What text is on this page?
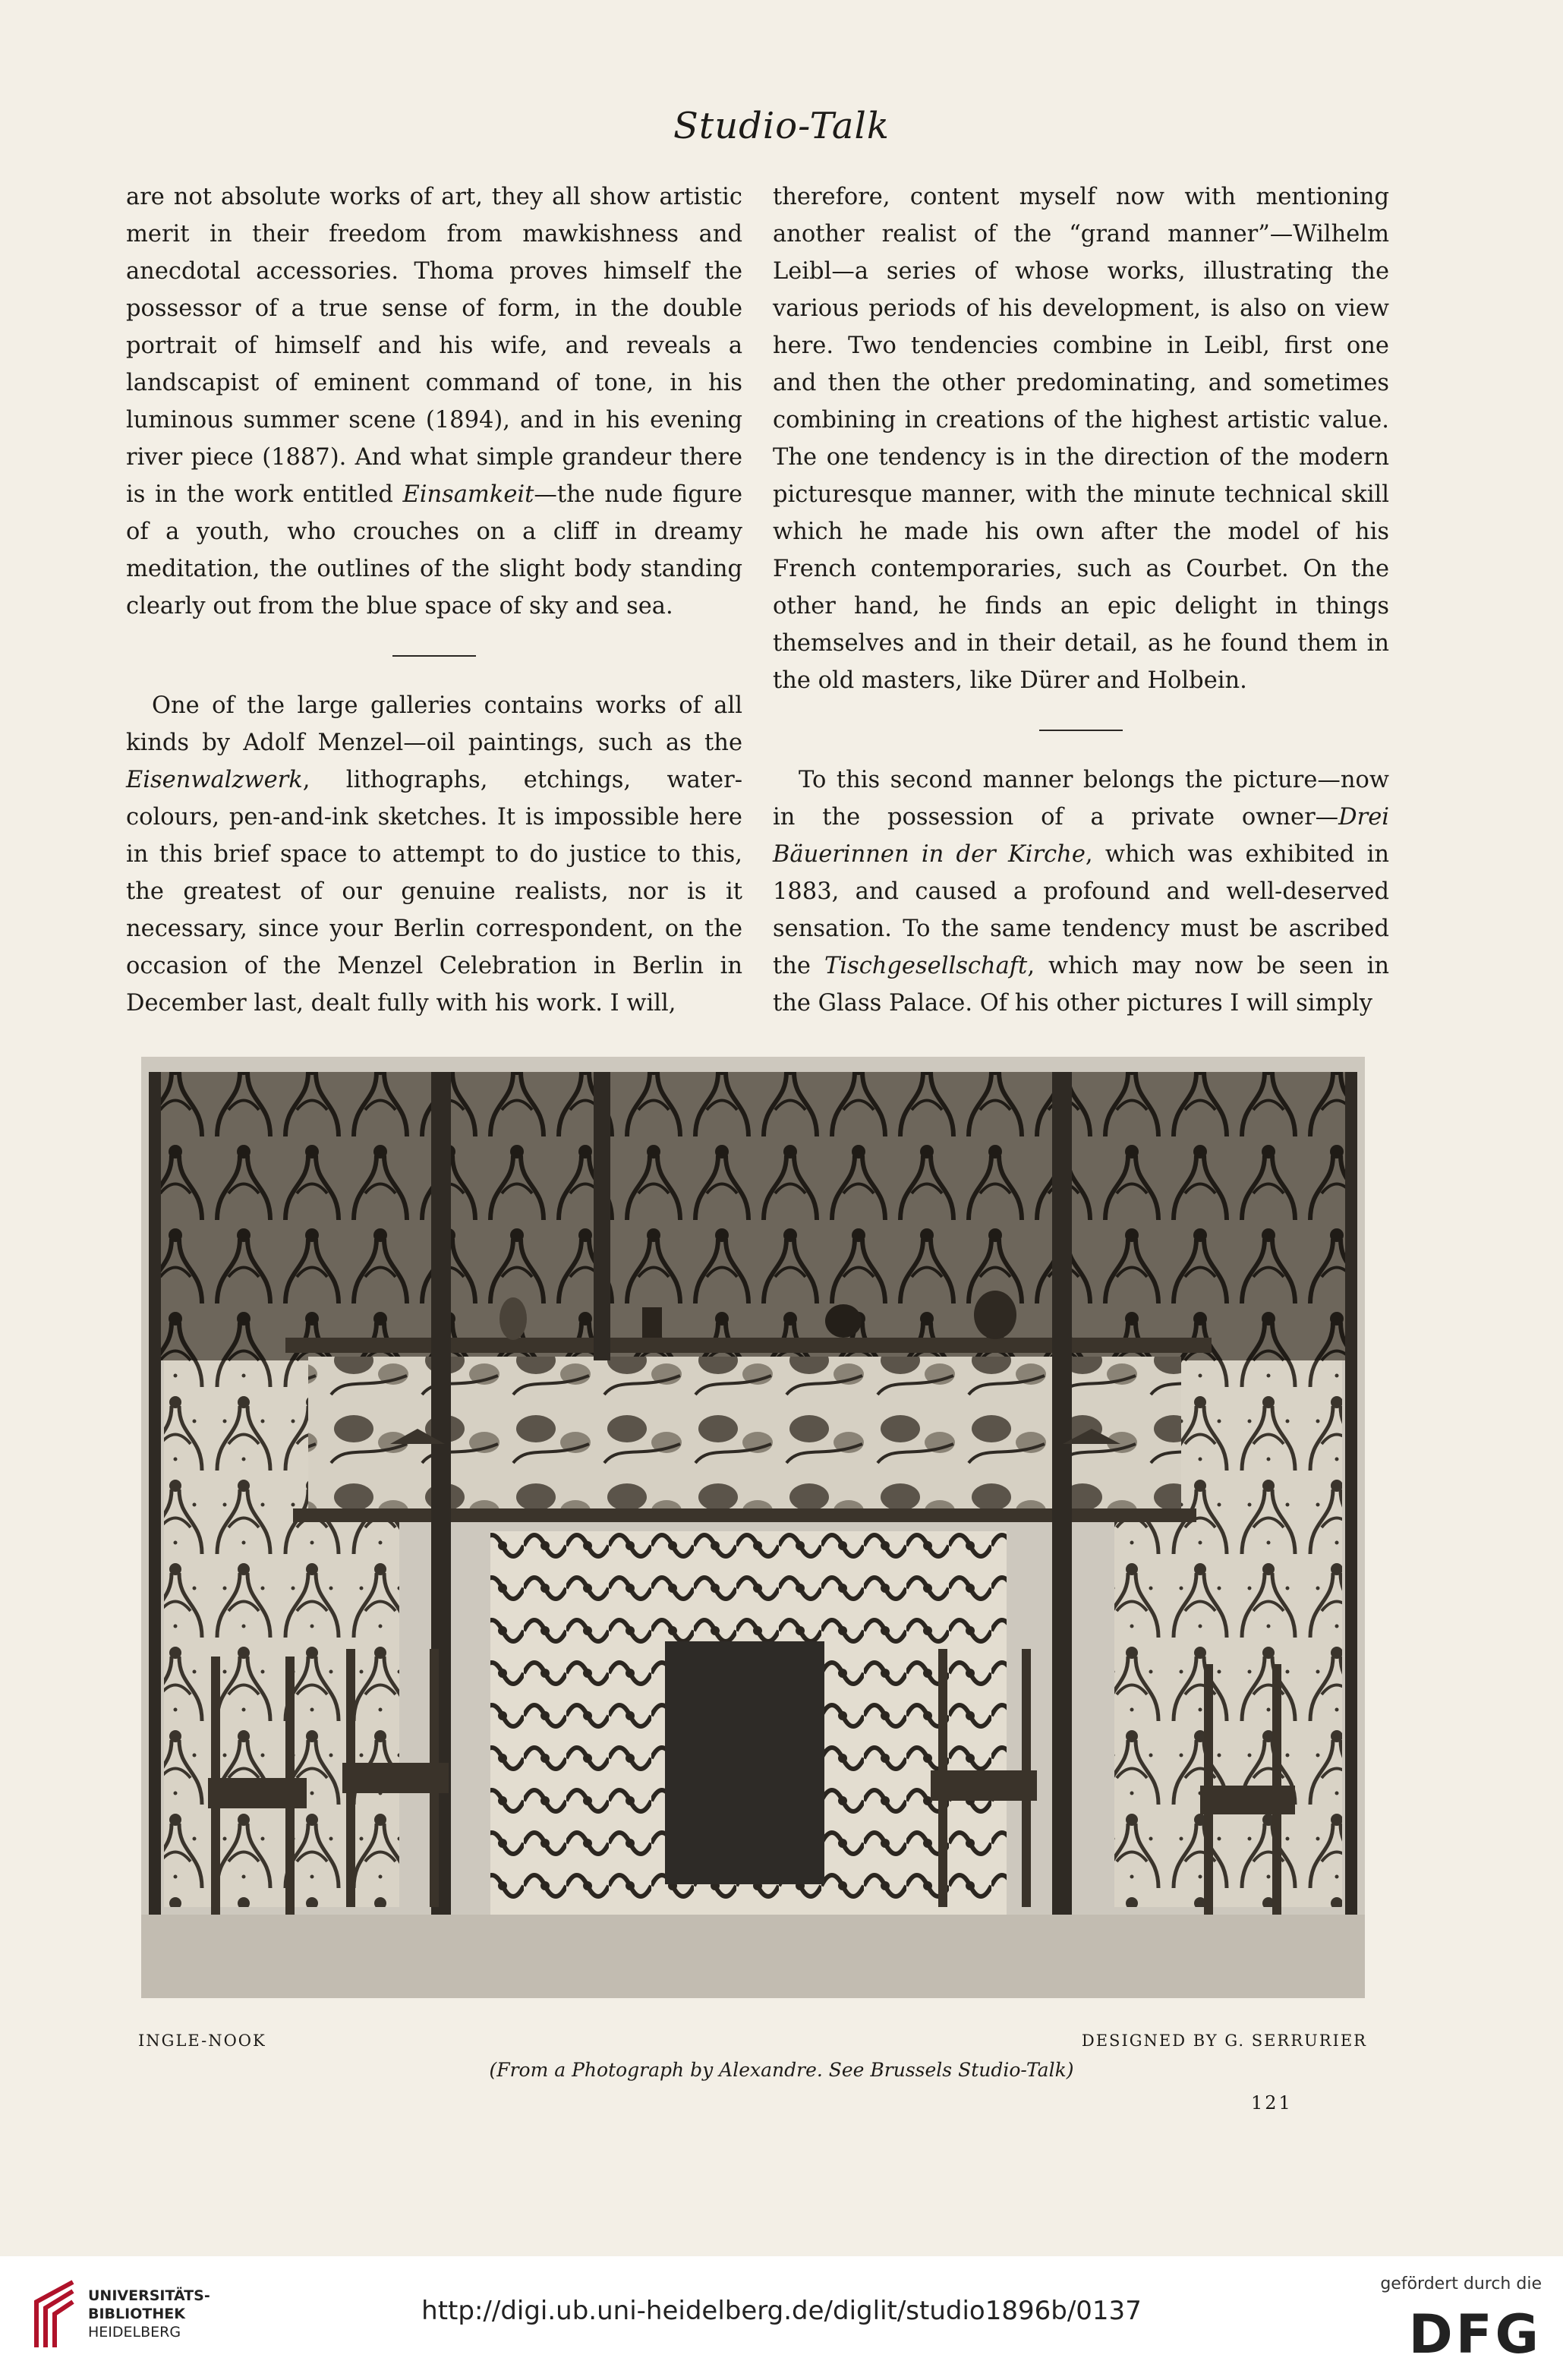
Studio-Talk

are not absolute works of art, they all show artistic merit in their freedom from mawkishness and anecdotal accessories. Thoma proves himself the possessor of a true sense of form, in the double portrait of himself and his wife, and reveals a landscapist of eminent command of tone, in his luminous summer scene (1894), and in his evening river piece (1887). And what simple grandeur there is in the work entitled Einsamkeit—the nude figure of a youth, who crouches on a cliff in dreamy meditation, the outlines of the slight body standing clearly out from the blue space of sky and sea.

One of the large galleries contains works of all kinds by Adolf Menzel—oil paintings, such as the Eisenwalzwerk, lithographs, etchings, water-colours, pen-and-ink sketches. It is impossible here in this brief space to attempt to do justice to this, the greatest of our genuine realists, nor is it necessary, since your Berlin correspondent, on the occasion of the Menzel Celebration in Berlin in December last, dealt fully with his work. I will,

therefore, content myself now with mentioning another realist of the “grand manner”—Wilhelm Leibl—a series of whose works, illustrating the various periods of his development, is also on view here. Two tendencies combine in Leibl, first one and then the other predominating, and sometimes combining in creations of the highest artistic value. The one tendency is in the direction of the modern picturesque manner, with the minute technical skill which he made his own after the model of his French contemporaries, such as Courbet. On the other hand, he finds an epic delight in things themselves and in their detail, as he found them in the old masters, like Dürer and Holbein.

To this second manner belongs the picture—now in the possession of a private owner—Drei Bäuerinnen in der Kirche, which was exhibited in 1883, and caused a profound and well-deserved sensation. To the same tendency must be ascribed the Tischgesellschaft, which may now be seen in the Glass Palace. Of his other pictures I will simply

INGLE-NOOK	DESIGNED BY G. SERRURIER
(From a Photograph by Alexandre. See Brussels Studio-Talk)
121
UNIVERSITÄTS-
BIBLIOTHEK
HEIDELBERG
http://digi.ub.uni-heidelberg.de/diglit/studio1896b/0137
gefördert durch die
DFG
